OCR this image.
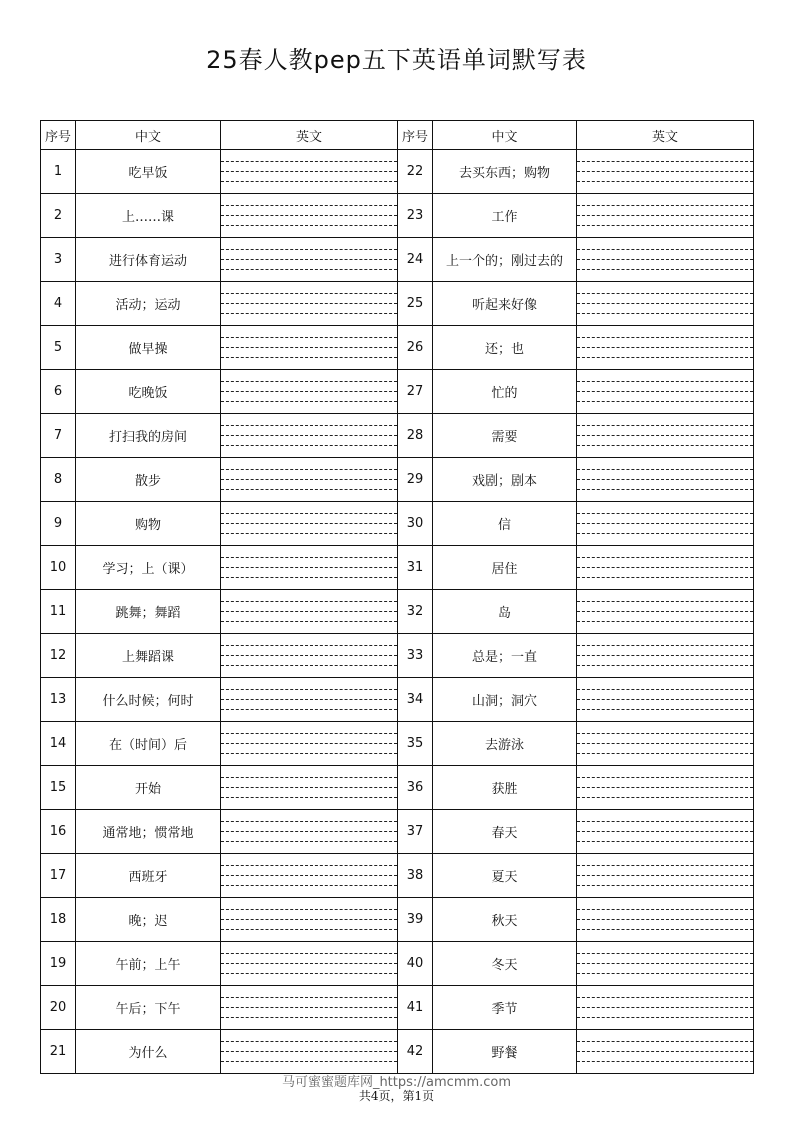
25春人教pep五下英语单词默写表
序号	中文	英文	序号	中文	英文
1	吃早饭		22	去买东西；购物	

2	上……课		23	工作	

3	进行体育运动		24	上一个的；刚过去的	

4	活动；运动		25	听起来好像	

5	做早操		26	还；也	

6	吃晚饭		27	忙的	

7	打扫我的房间		28	需要	

8	散步		29	戏剧；剧本	

9	购物		30	信	

10	学习；上（课）		31	居住	

11	跳舞；舞蹈		32	岛	

12	上舞蹈课		33	总是；一直	

13	什么时候；何时		34	山洞；洞穴	

14	在（时间）后		35	去游泳	

15	开始		36	获胜	

16	通常地；惯常地		37	春天	

17	西班牙		38	夏天	

18	晚；迟		39	秋天	

19	午前；上午		40	冬天	

20	午后；下午		41	季节	

21	为什么		42	野餐	
马可蜜蜜题库网_https://amcmm.com
共4页，第1页
